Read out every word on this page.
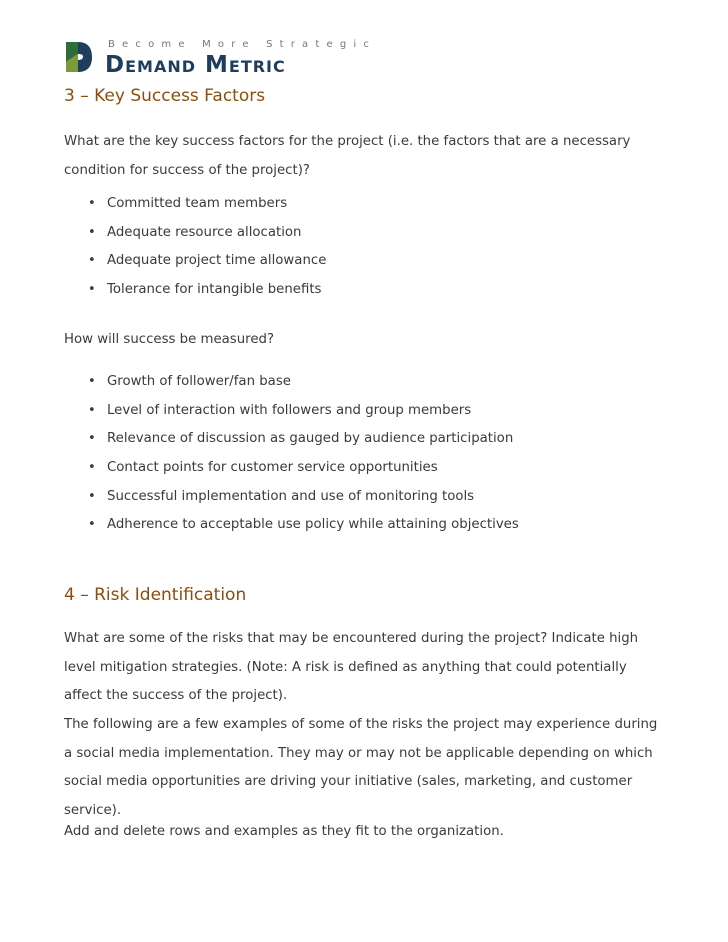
Become More Strategic
Demand Metric
3 – Key Success Factors

What are the key success factors for the project (i.e. the factors that are a necessary condition for success of the project)?

• Committed team members
• Adequate resource allocation
• Adequate project time allowance
• Tolerance for intangible benefits

How will success be measured?

• Growth of follower/fan base
• Level of interaction with followers and group members
• Relevance of discussion as gauged by audience participation
• Contact points for customer service opportunities
• Successful implementation and use of monitoring tools
• Adherence to acceptable use policy while attaining objectives
4 – Risk Identification

What are some of the risks that may be encountered during the project? Indicate high level mitigation strategies. (Note: A risk is defined as anything that could potentially affect the success of the project).

The following are a few examples of some of the risks the project may experience during a social media implementation. They may or may not be applicable depending on which social media opportunities are driving your initiative (sales, marketing, and customer service).

Add and delete rows and examples as they fit to the organization.
